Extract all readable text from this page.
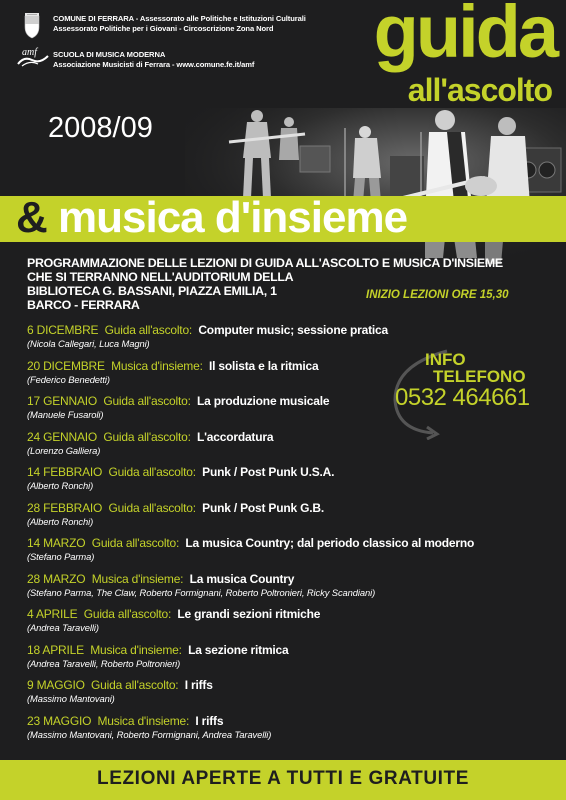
amf
COMUNE DI FERRARA - Assessorato alle Politiche e Istituzioni Culturali
Assessorato Politiche per i Giovani - Circoscrizione Zona Nord
SCUOLA DI MUSICA MODERNA
Associazione Musicisti di Ferrara - www.comune.fe.it/amf guida
all'ascolto
2008/09
& musica d'insieme
PROGRAMMAZIONE DELLE LEZIONI DI GUIDA ALL'ASCOLTO E MUSICA D'INSIEME
CHE SI TERRANNO NELL'AUDITORIUM DELLA
BIBLIOTECA G. BASSANI, PIAZZA EMILIA, 1
BARCO - FERRARA
INIZIO LEZIONI ORE 15,30
INFO
TELEFONO
0532 464661
6 DICEMBRE Guida all'ascolto: Computer music; sessione pratica
(Nicola Callegari, Luca Magni)
20 DICEMBRE Musica d'insieme: Il solista e la ritmica
(Federico Benedetti)
17 GENNAIO Guida all'ascolto: La produzione musicale
(Manuele Fusaroli)
24 GENNAIO Guida all'ascolto: L'accordatura
(Lorenzo Galliera)
14 FEBBRAIO Guida all'ascolto: Punk / Post Punk U.S.A.
(Alberto Ronchi)
28 FEBBRAIO Guida all'ascolto: Punk / Post Punk G.B.
(Alberto Ronchi)
14 MARZO Guida all'ascolto: La musica Country; dal periodo classico al moderno
(Stefano Parma)
28 MARZO Musica d'insieme: La musica Country
(Stefano Parma, The Claw, Roberto Formignani, Roberto Poltronieri, Ricky Scandiani)
4 APRILE Guida all'ascolto: Le grandi sezioni ritmiche
(Andrea Taravelli)
18 APRILE Musica d'insieme: La sezione ritmica
(Andrea Taravelli, Roberto Poltronieri)
9 MAGGIO Guida all'ascolto: I riffs
(Massimo Mantovani)
23 MAGGIO Musica d'insieme: I riffs
(Massimo Mantovani, Roberto Formignani, Andrea Taravelli)
LEZIONI APERTE A TUTTI E GRATUITE
